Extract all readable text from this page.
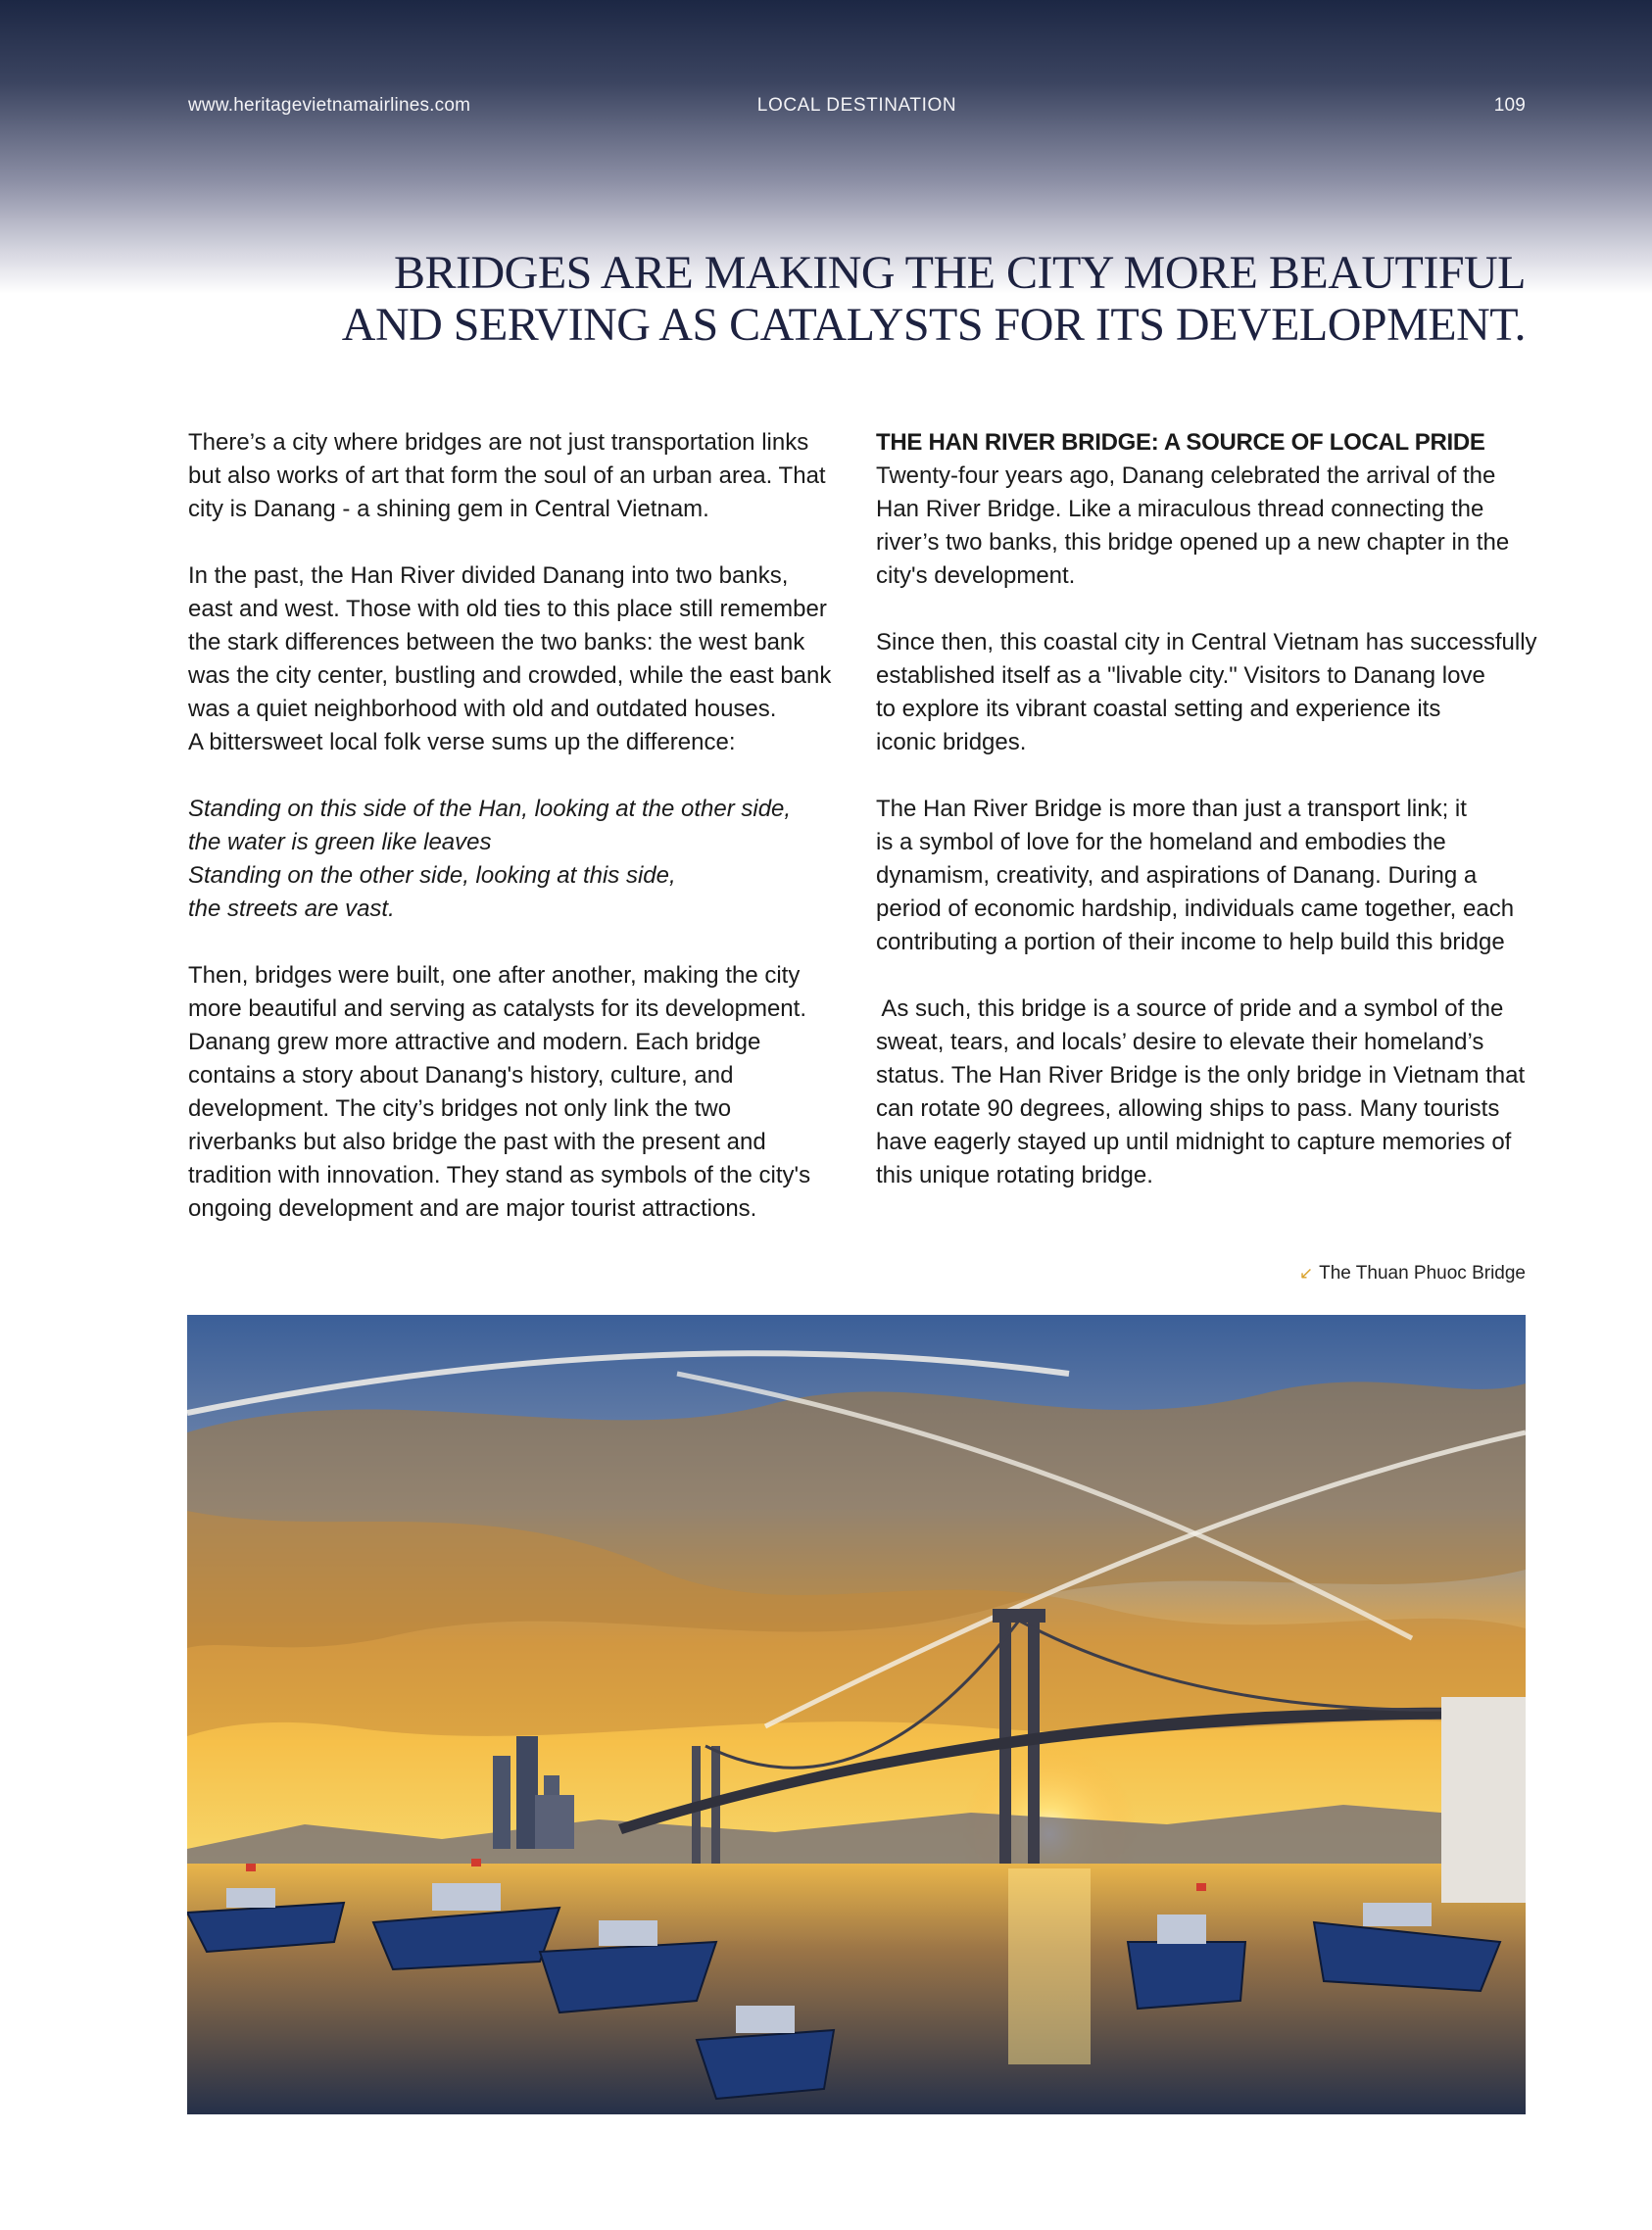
www.heritagevietnamairlines.com	LOCAL DESTINATION	109
BRIDGES ARE MAKING THE CITY MORE BEAUTIFUL
AND SERVING AS CATALYSTS FOR ITS DEVELOPMENT.

There’s a city where bridges are not just transportation links
but also works of art that form the soul of an urban area. That
city is Danang - a shining gem in Central Vietnam.

In the past, the Han River divided Danang into two banks,
east and west. Those with old ties to this place still remember
the stark differences between the two banks: the west bank
was the city center, bustling and crowded, while the east bank
was a quiet neighborhood with old and outdated houses.
A bittersweet local folk verse sums up the difference:

Standing on this side of the Han, looking at the other side,
the water is green like leaves
Standing on the other side, looking at this side,
the streets are vast.

Then, bridges were built, one after another, making the city
more beautiful and serving as catalysts for its development.
Danang grew more attractive and modern. Each bridge
contains a story about Danang's history, culture, and
development. The city’s bridges not only link the two
riverbanks but also bridge the past with the present and
tradition with innovation. They stand as symbols of the city's
ongoing development and are major tourist attractions.

THE HAN RIVER BRIDGE: A SOURCE OF LOCAL PRIDE
Twenty-four years ago, Danang celebrated the arrival of the
Han River Bridge. Like a miraculous thread connecting the
river’s two banks, this bridge opened up a new chapter in the
city's development.

Since then, this coastal city in Central Vietnam has successfully
established itself as a "livable city." Visitors to Danang love
to explore its vibrant coastal setting and experience its
iconic bridges.

The Han River Bridge is more than just a transport link; it
is a symbol of love for the homeland and embodies the
dynamism, creativity, and aspirations of Danang. During a
period of economic hardship, individuals came together, each
contributing a portion of their income to help build this bridge

As such, this bridge is a source of pride and a symbol of the
sweat, tears, and locals’ desire to elevate their homeland’s
status. The Han River Bridge is the only bridge in Vietnam that
can rotate 90 degrees, allowing ships to pass. Many tourists
have eagerly stayed up until midnight to capture memories of
this unique rotating bridge.

↙ The Thuan Phuoc Bridge
